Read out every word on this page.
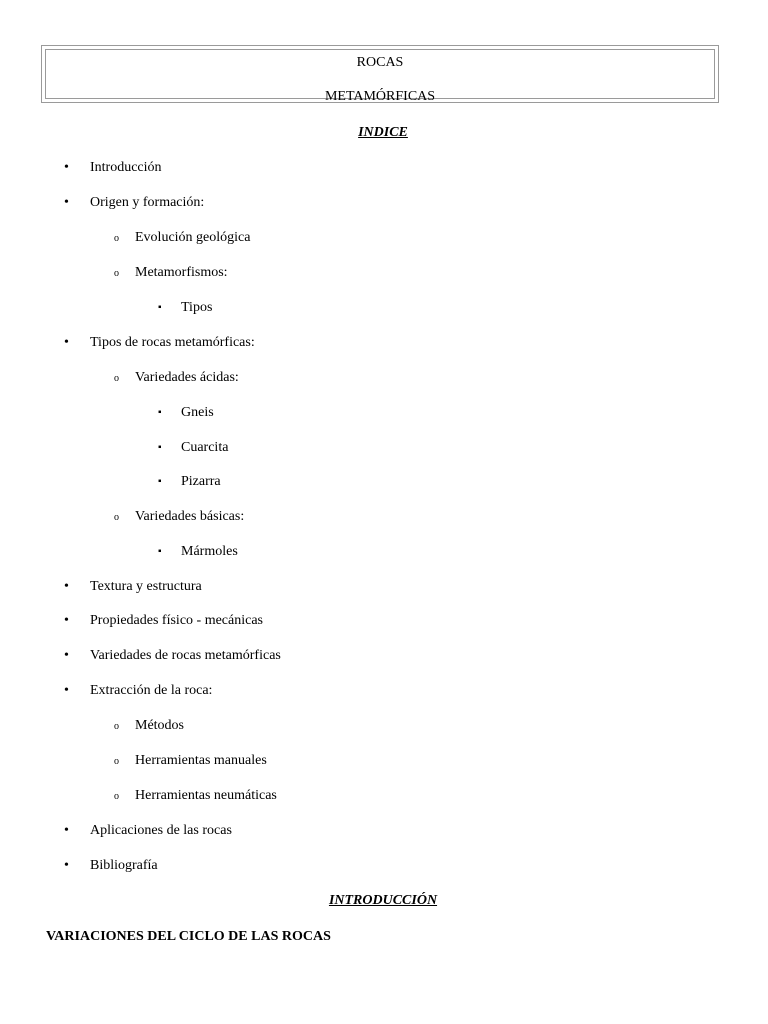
ROCAS
METAMÓRFICAS
INDICE
• Introducción
• Origen y formación:
o Evolución geológica
o Metamorfismos:
▪ Tipos
• Tipos de rocas metamórficas:
o Variedades ácidas:
▪ Gneis
▪ Cuarcita
▪ Pizarra
o Variedades básicas:
▪ Mármoles
• Textura y estructura
• Propiedades físico - mecánicas
• Variedades de rocas metamórficas
• Extracción de la roca:
o Métodos
o Herramientas manuales
o Herramientas neumáticas
• Aplicaciones de las rocas
• Bibliografía
INTRODUCCIÓN
VARIACIONES DEL CICLO DE LAS ROCAS
